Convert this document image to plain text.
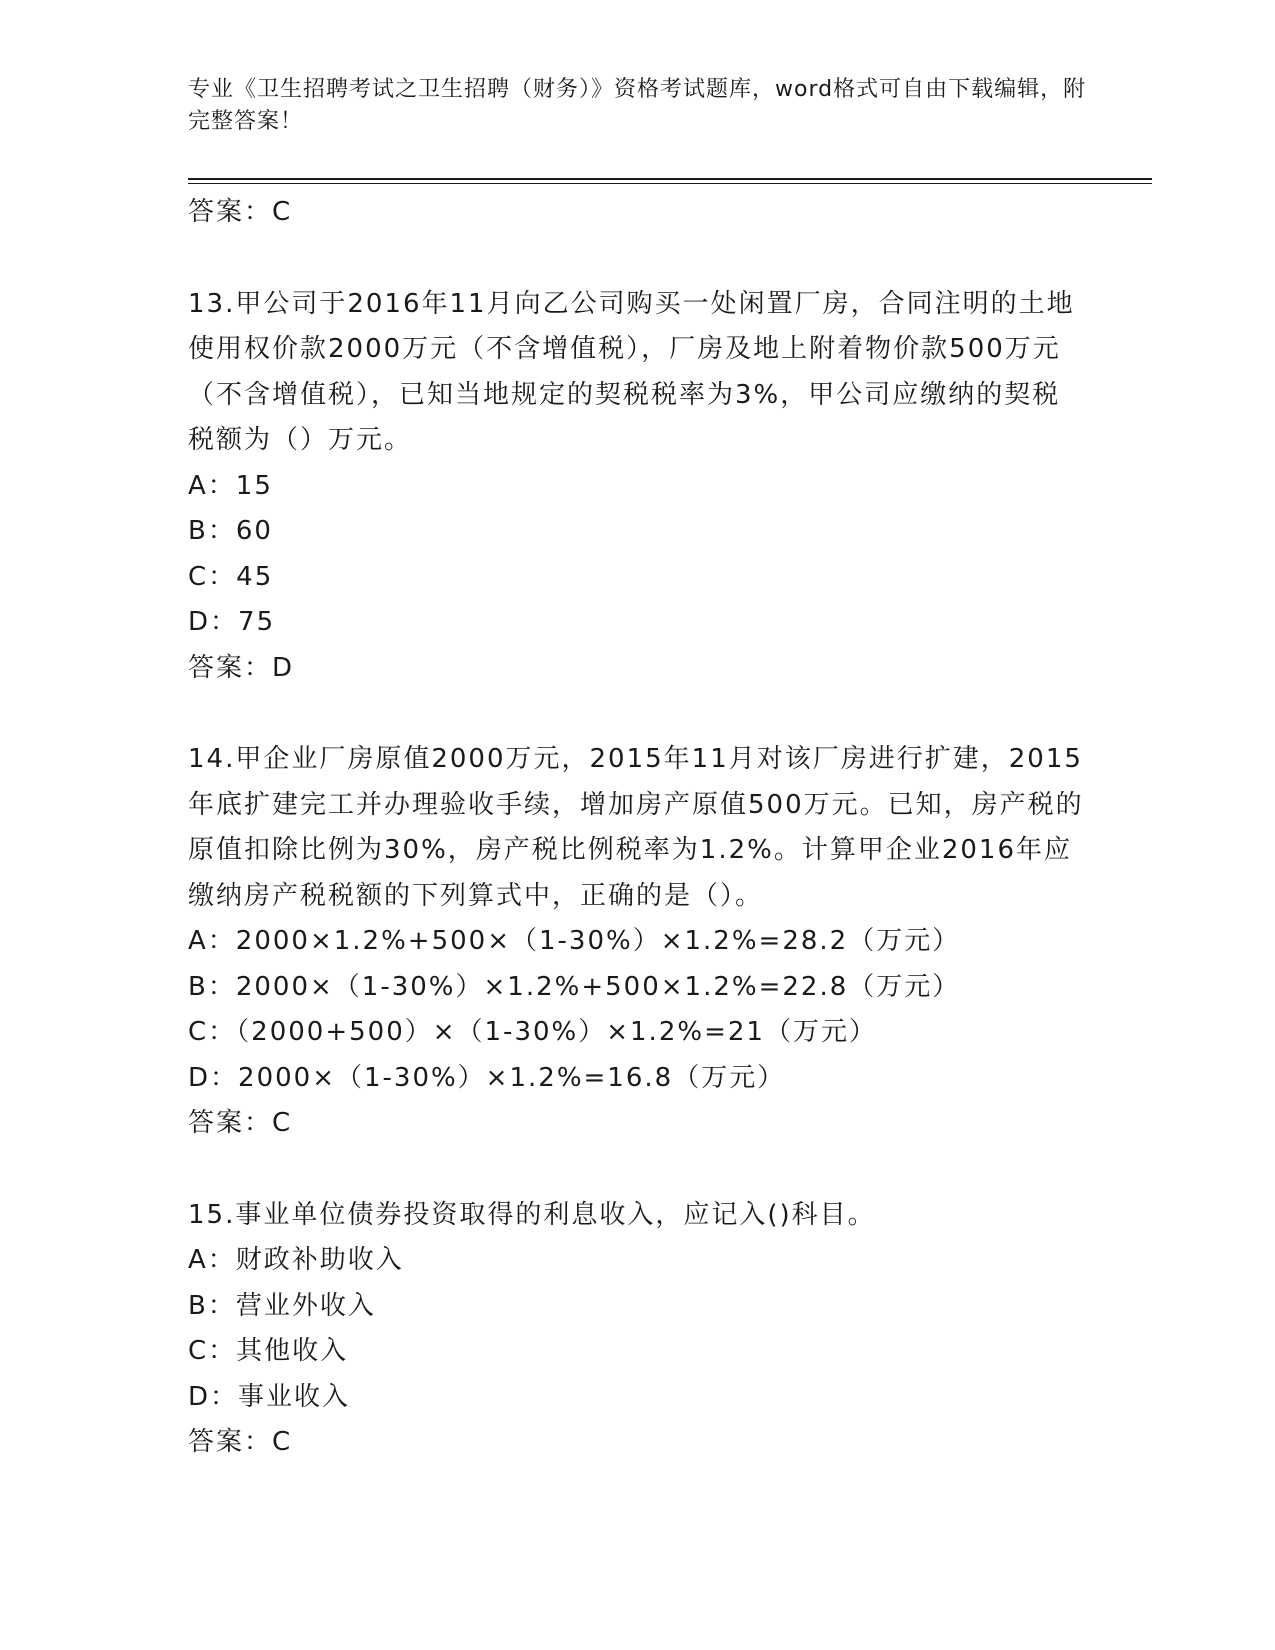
专业《卫生招聘考试之卫生招聘（财务）》资格考试题库，word格式可自由下载编辑，附完整答案！

答案：C

13.甲公司于2016年11月向乙公司购买一处闲置厂房，合同注明的土地使用权价款2000万元（不含增值税），厂房及地上附着物价款500万元（不含增值税），已知当地规定的契税税率为3%，甲公司应缴纳的契税税额为（）万元。

A：15

B：60

C：45

D：75

答案：D

14.甲企业厂房原值2000万元，2015年11月对该厂房进行扩建，2015年底扩建完工并办理验收手续，增加房产原值500万元。已知，房产税的原值扣除比例为30%，房产税比例税率为1.2%。计算甲企业2016年应缴纳房产税税额的下列算式中，正确的是（）。

A：2000×1.2%+500×（1-30%）×1.2%=28.2（万元）

B：2000×（1-30%）×1.2%+500×1.2%=22.8（万元）

C：（2000+500）×（1-30%）×1.2%=21（万元）

D：2000×（1-30%）×1.2%=16.8（万元）

答案：C

15.事业单位债券投资取得的利息收入，应记入()科目。

A：财政补助收入

B：营业外收入

C：其他收入

D：事业收入

答案：C
